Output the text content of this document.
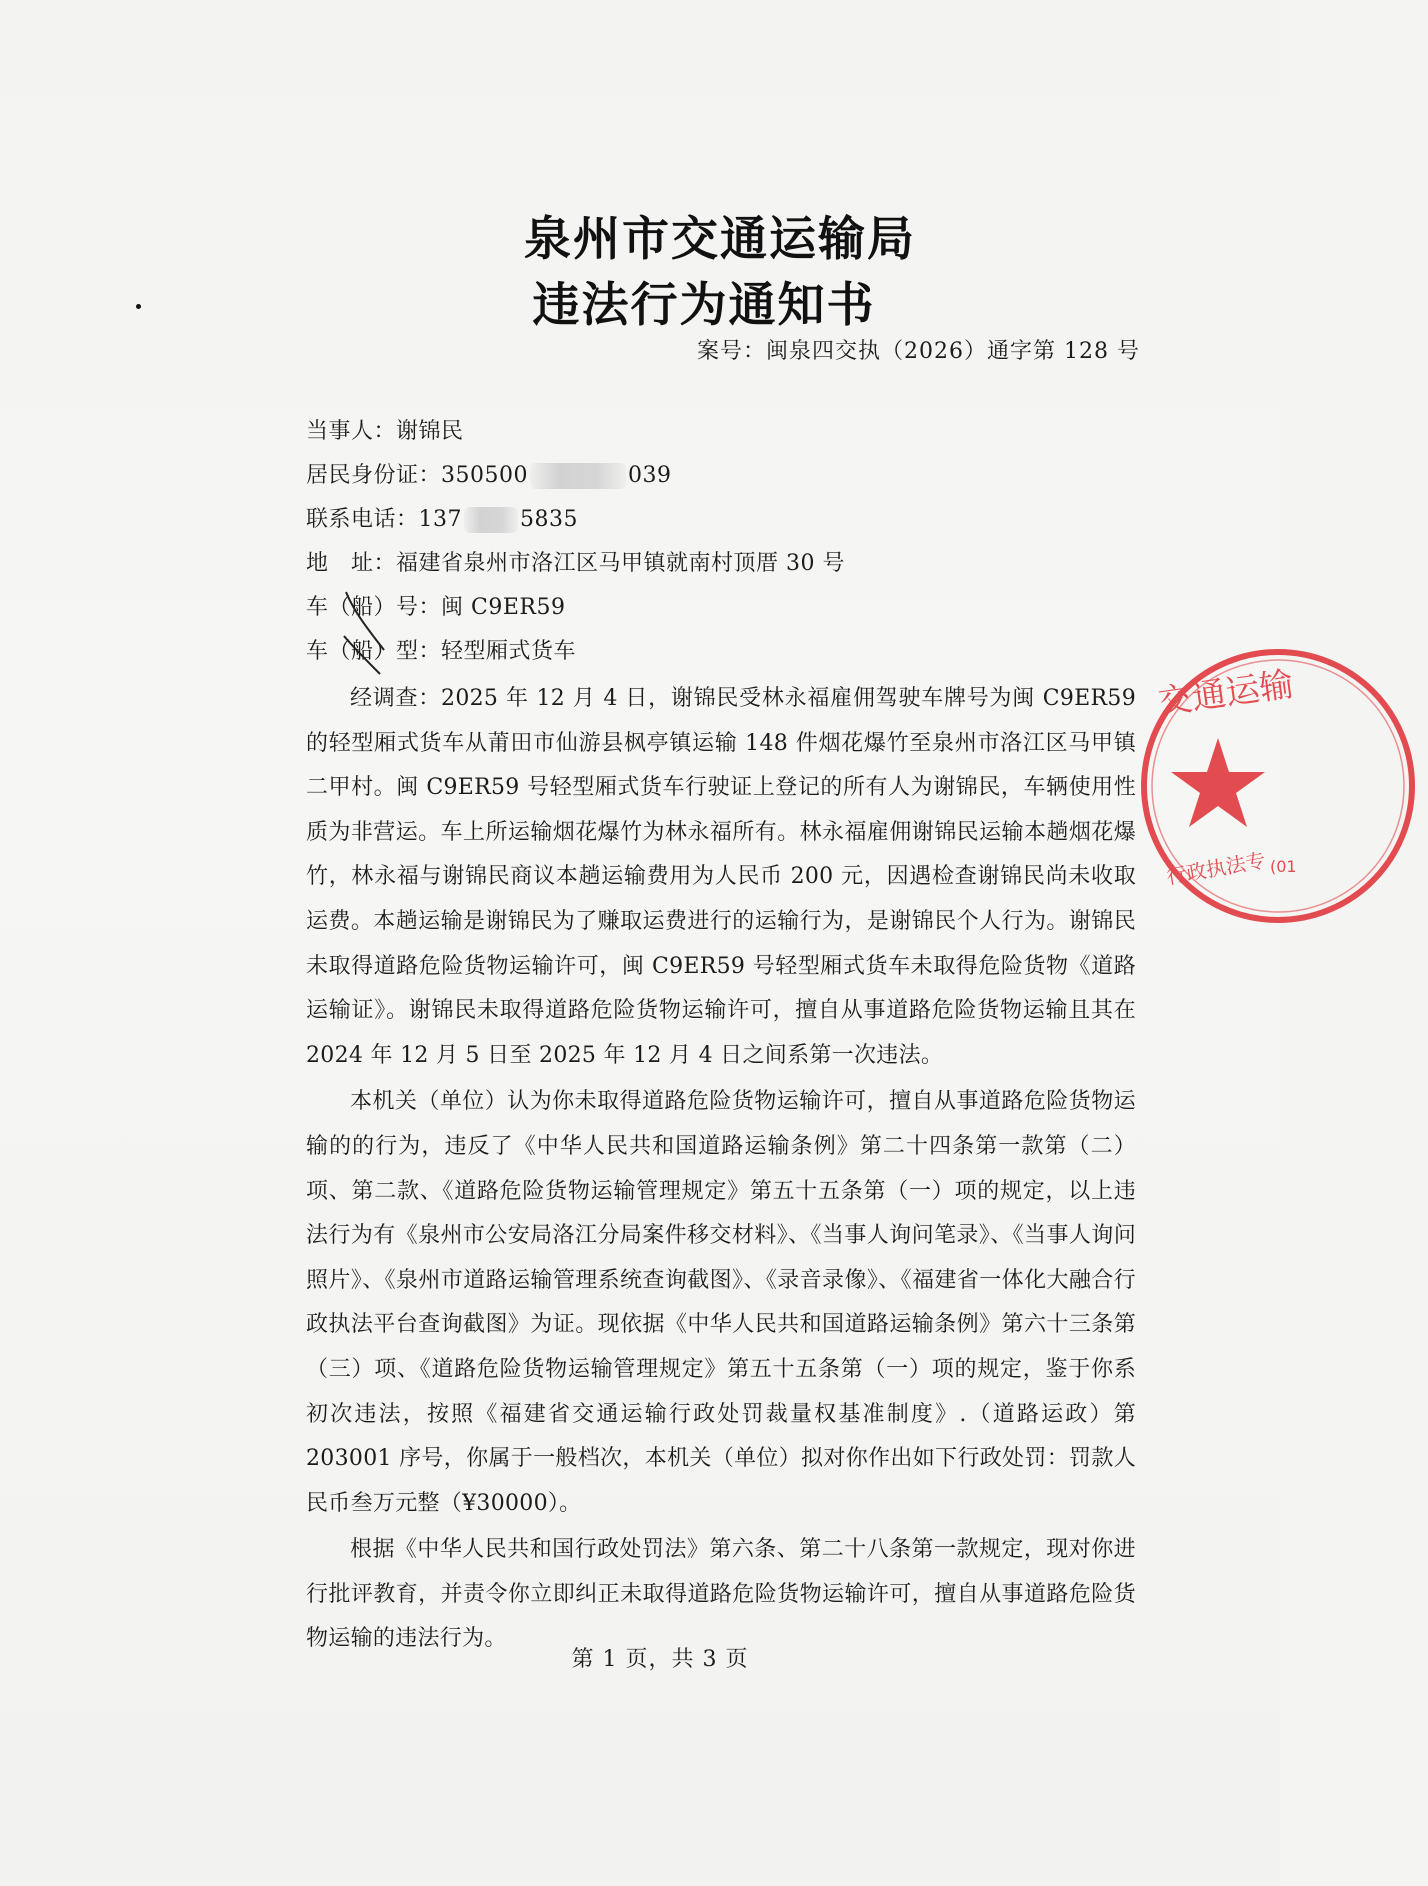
泉州市交通运输局
违法行为通知书
案号：闽泉四交执（2026）通字第 128 号
当事人：谢锦民
居民身份证：350500	039
联系电话：137	5835
地　址：福建省泉州市洛江区马甲镇就南村顶厝 30 号
车（船）号：闽 C9ER59
车（船）型：轻型厢式货车

经调查：2025 年 12 月 4 日，谢锦民受林永福雇佣驾驶车牌号为闽 C9ER59 的轻型厢式货车从莆田市仙游县枫亭镇运输 148 件烟花爆竹至泉州市洛江区马甲镇二甲村。闽 C9ER59 号轻型厢式货车行驶证上登记的所有人为谢锦民，车辆使用性质为非营运。车上所运输烟花爆竹为林永福所有。林永福雇佣谢锦民运输本趟烟花爆竹，林永福与谢锦民商议本趟运输费用为人民币 200 元，因遇检查谢锦民尚未收取运费。本趟运输是谢锦民为了赚取运费进行的运输行为，是谢锦民个人行为。谢锦民未取得道路危险货物运输许可，闽 C9ER59 号轻型厢式货车未取得危险货物《道路运输证》。谢锦民未取得道路危险货物运输许可，擅自从事道路危险货物运输且其在 2024 年 12 月 5 日至 2025 年 12 月 4 日之间系第一次违法。

本机关（单位）认为你未取得道路危险货物运输许可，擅自从事道路危险货物运输的的行为，违反了《中华人民共和国道路运输条例》第二十四条第一款第（二）项、第二款、《道路危险货物运输管理规定》第五十五条第（一）项的规定，以上违法行为有《泉州市公安局洛江分局案件移交材料》、《当事人询问笔录》、《当事人询问照片》、《泉州市道路运输管理系统查询截图》、《录音录像》、《福建省一体化大融合行政执法平台查询截图》为证。现依据《中华人民共和国道路运输条例》第六十三条第（三）项、《道路危险货物运输管理规定》第五十五条第（一）项的规定，鉴于你系初次违法，按照《福建省交通运输行政处罚裁量权基准制度》.（道路运政）第 203001 序号，你属于一般档次，本机关（单位）拟对你作出如下行政处罚：罚款人民币叁万元整（¥30000）。

根据《中华人民共和国行政处罚法》第六条、第二十八条第一款规定，现对你进行批评教育，并责令你立即纠正未取得道路危险货物运输许可，擅自从事道路危险货物运输的违法行为。

第 1 页，共 3 页
交通运输
行政执法专 (01
